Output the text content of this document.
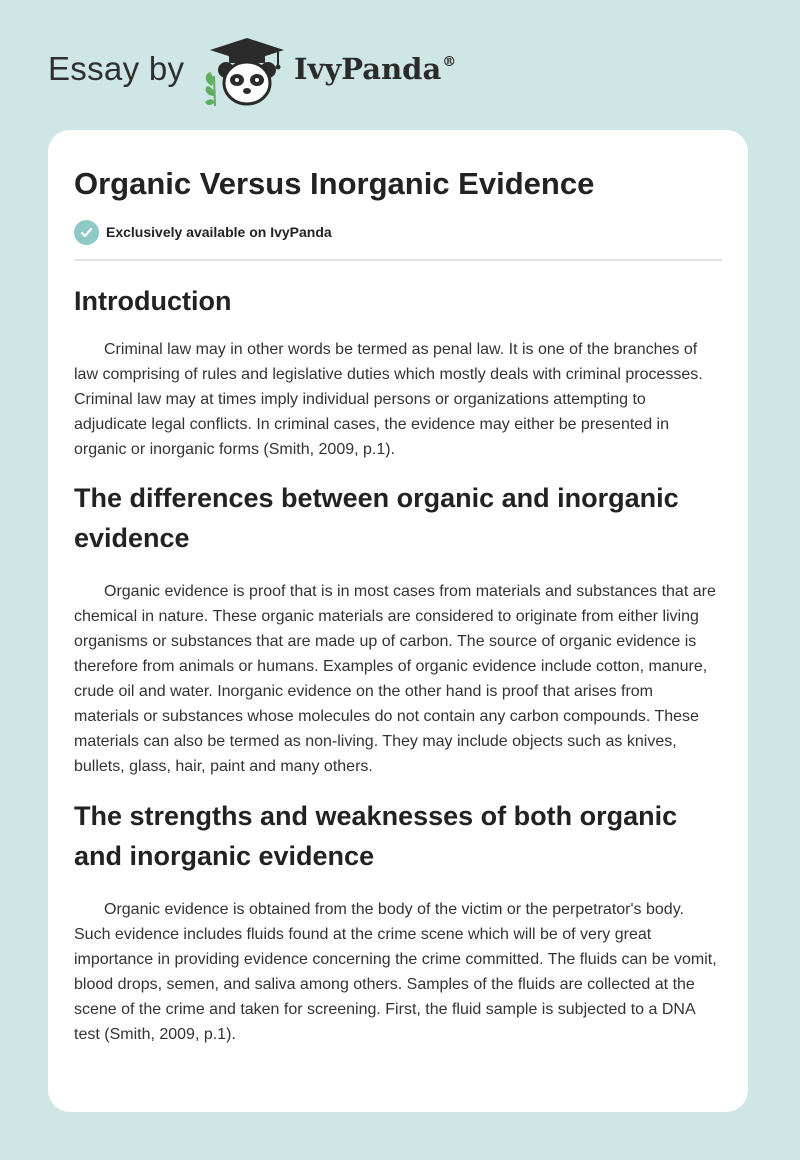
Essay by	IvyPanda®
Organic Versus Inorganic Evidence
Exclusively available on IvyPanda
Introduction

Criminal law may in other words be termed as penal law. It is one of the branches of law comprising of rules and legislative duties which mostly deals with criminal processes. Criminal law may at times imply individual persons or organizations attempting to adjudicate legal conflicts. In criminal cases, the evidence may either be presented in organic or inorganic forms (Smith, 2009, p.1).

The differences between organic and inorganic evidence

Organic evidence is proof that is in most cases from materials and substances that are chemical in nature. These organic materials are considered to originate from either living organisms or substances that are made up of carbon. The source of organic evidence is therefore from animals or humans. Examples of organic evidence include cotton, manure, crude oil and water. Inorganic evidence on the other hand is proof that arises from materials or substances whose molecules do not contain any carbon compounds. These materials can also be termed as non-living. They may include objects such as knives, bullets, glass, hair, paint and many others.

The strengths and weaknesses of both organic and inorganic evidence

Organic evidence is obtained from the body of the victim or the perpetrator's body. Such evidence includes fluids found at the crime scene which will be of very great importance in providing evidence concerning the crime committed. The fluids can be vomit, blood drops, semen, and saliva among others. Samples of the fluids are collected at the scene of the crime and taken for screening. First, the fluid sample is subjected to a DNA test (Smith, 2009, p.1).
